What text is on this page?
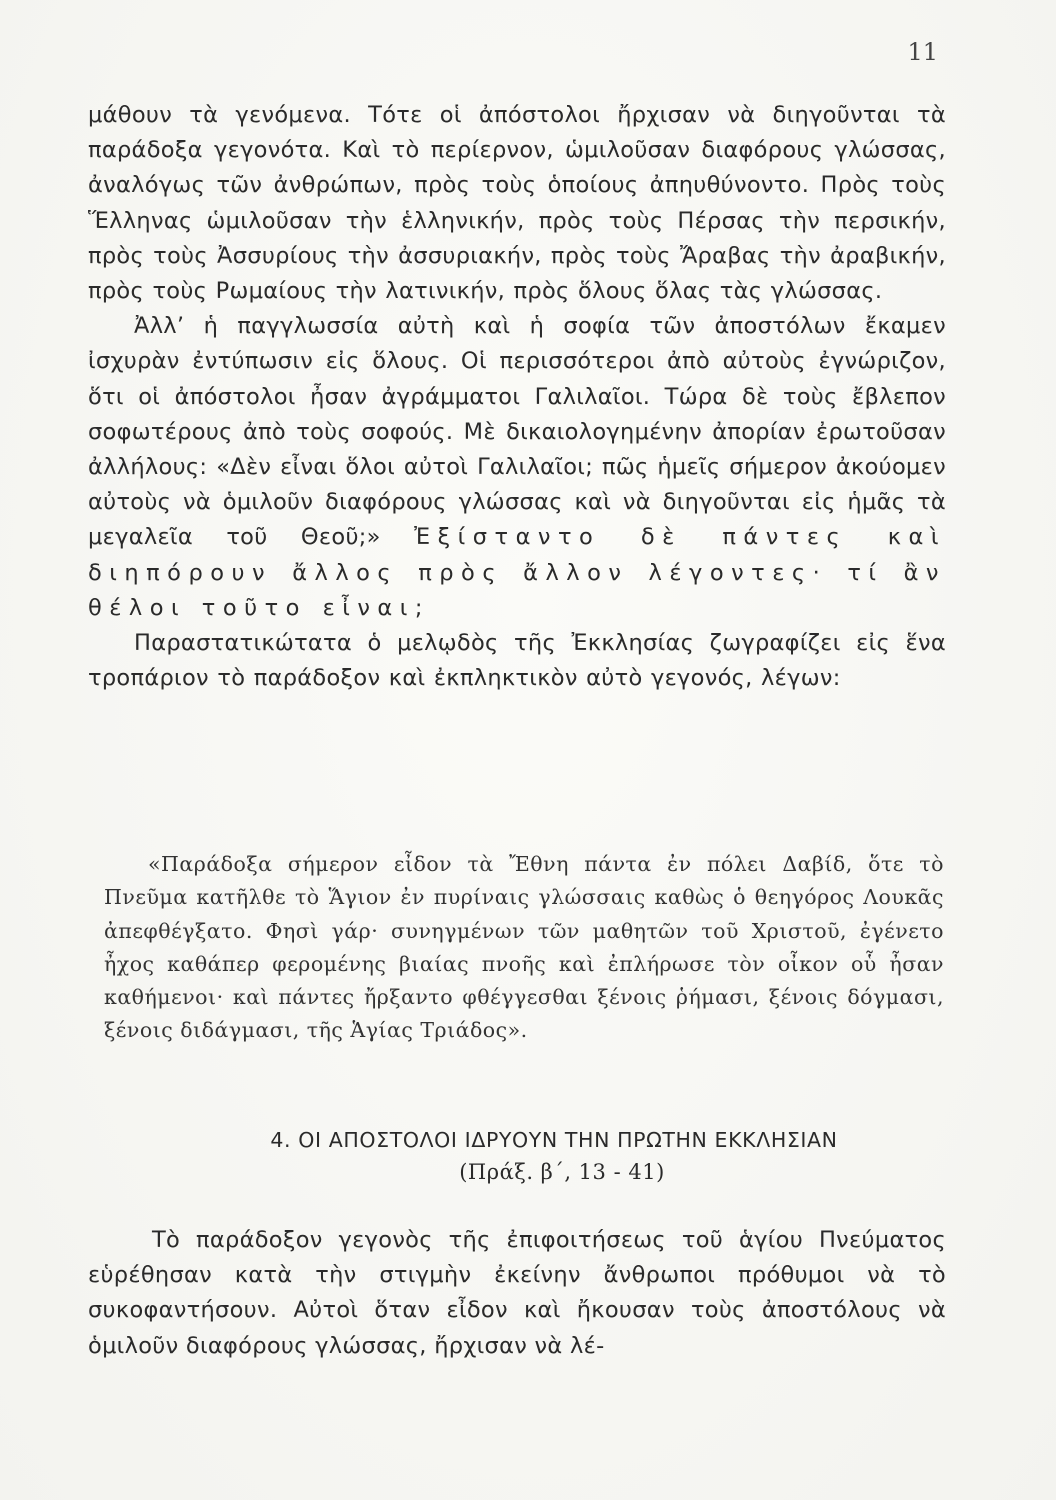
11

μάθουν τὰ γενόμενα. Τότε οἱ ἀπόστολοι ἤρχισαν νὰ διηγοῦνται τὰ παράδοξα γεγονότα. Καὶ τὸ περίερνον, ὡμιλοῦσαν διαφόρους γλώσσας, ἀναλόγως τῶν ἀνθρώπων, πρὸς τοὺς ὁποίους ἀπηυθύνοντο. Πρὸς τοὺς Ἕλληνας ὡμιλοῦσαν τὴν ἑλληνικήν, πρὸς τοὺς Πέρσας τὴν περσικήν, πρὸς τοὺς Ἀσσυρίους τὴν ἀσσυριακήν, πρὸς τοὺς Ἄραβας τὴν ἀραβικήν, πρὸς τοὺς Ρωμαίους τὴν λατινικήν, πρὸς ὅλους ὅλας τὰς γλώσσας.

Ἀλλ’ ἡ παγγλωσσία αὐτὴ καὶ ἡ σοφία τῶν ἀποστόλων ἔκαμεν ἰσχυρὰν ἐντύπωσιν εἰς ὅλους. Οἱ περισσότεροι ἀπὸ αὐτοὺς ἐγνώριζον, ὅτι οἱ ἀπόστολοι ἦσαν ἀγράμματοι Γαλιλαῖοι. Τώρα δὲ τοὺς ἔβλεπον σοφωτέρους ἀπὸ τοὺς σοφούς. Μὲ δικαιολογημένην ἀπορίαν ἐρωτοῦσαν ἀλλήλους: «Δὲν εἶναι ὅλοι αὐτοὶ Γαλιλαῖοι; πῶς ἡμεῖς σήμερον ἀκούομεν αὐτοὺς νὰ ὁμιλοῦν διαφόρους γλώσσας καὶ νὰ διηγοῦνται εἰς ἡμᾶς τὰ μεγαλεῖα τοῦ Θεοῦ;» Ἐξίσταντο δὲ πάντες καὶ διηπόρουν ἄλλος πρὸς ἄλλον λέγοντες· τί ἂν θέλοι τοῦτο εἶναι;

Παραστατικώτατα ὁ μελῳδὸς τῆς Ἐκκλησίας ζωγραφίζει εἰς ἕνα τροπάριον τὸ παράδοξον καὶ ἐκπληκτικὸν αὐτὸ γεγονός, λέγων:

«Παράδοξα σήμερον εἶδον τὰ Ἔθνη πάντα ἐν πόλει Δαβίδ, ὅτε τὸ Πνεῦμα κατῆλθε τὸ Ἅγιον ἐν πυρίναις γλώσσαις καθὼς ὁ θεηγόρος Λουκᾶς ἀπεφθέγξατο. Φησὶ γάρ· συνηγμένων τῶν μαθητῶν τοῦ Χριστοῦ, ἐγένετο ἦχος καθάπερ φερομένης βιαίας πνοῆς καὶ ἐπλήρωσε τὸν οἶκον οὗ ἦσαν καθήμενοι· καὶ πάντες ἤρξαντο φθέγγεσθαι ξένοις ῥήμασι, ξένοις δόγμασι, ξένοις διδάγμασι, τῆς Ἁγίας Τριάδος».

4. ΟΙ ΑΠΟΣΤΟΛΟΙ ΙΔΡΥΟΥΝ ΤΗΝ ΠΡΩΤΗΝ ΕΚΚΛΗΣΙΑΝ
(Πράξ. β΄, 13 - 41)

Τὸ παράδοξον γεγονὸς τῆς ἐπιφοιτήσεως τοῦ ἁγίου Πνεύματος εὑρέθησαν κατὰ τὴν στιγμὴν ἐκείνην ἄνθρωποι πρόθυμοι νὰ τὸ συκοφαντήσουν. Αὐτοὶ ὅταν εἶδον καὶ ἤκουσαν τοὺς ἀποστόλους νὰ ὁμιλοῦν διαφόρους γλώσσας, ἤρχισαν νὰ λέ-
